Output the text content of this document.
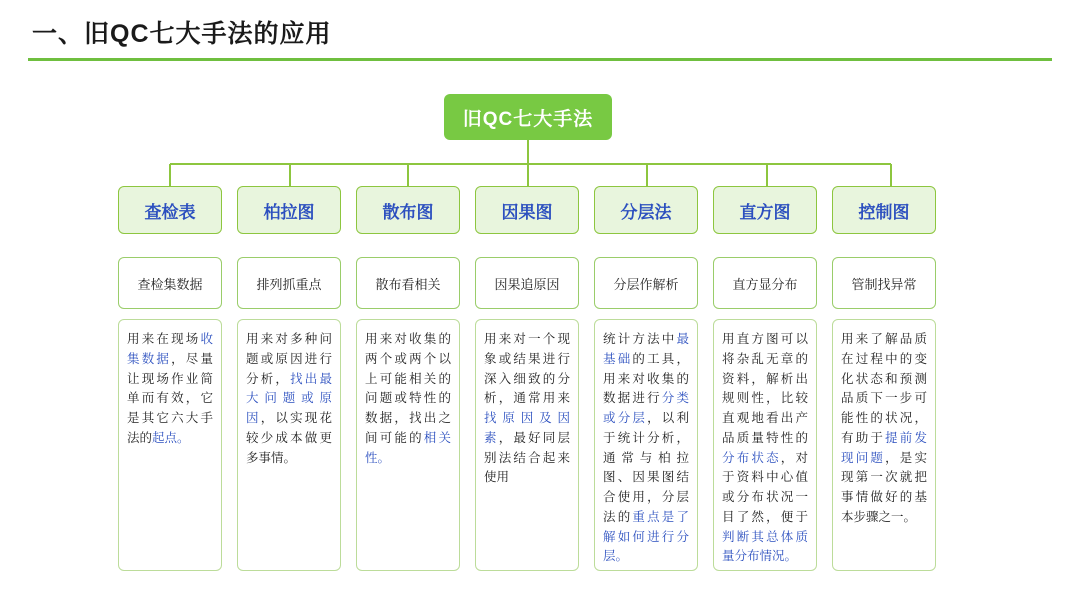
一、旧QC七大手法的应用
旧QC七大手法
查检表
查检集数据
用来在现场收集数据，尽量让现场作业简单而有效，它是其它六大手法的起点。
柏拉图
排列抓重点
用来对多种问题或原因进行分析，找出最大问题或原因，以实现花较少成本做更多事情。
散布图
散布看相关
用来对收集的两个或两个以上可能相关的问题或特性的数据，找出之间可能的相关性。
因果图
因果追原因
用来对一个现象或结果进行深入细致的分析，通常用来找原因及因素，最好同层别法结合起来使用
分层法
分层作解析
统计方法中最基础的工具，用来对收集的数据进行分类或分层，以利于统计分析，通常与柏拉图、因果图结合使用，分层法的重点是了解如何进行分层。
直方图
直方显分布
用直方图可以将杂乱无章的资料，解析出规则性，比较直观地看出产品质量特性的分布状态，对于资料中心值或分布状况一目了然，便于判断其总体质量分布情况。
控制图
管制找异常
用来了解品质在过程中的变化状态和预测品质下一步可能性的状况，有助于提前发现问题，是实现第一次就把事情做好的基本步骤之一。
